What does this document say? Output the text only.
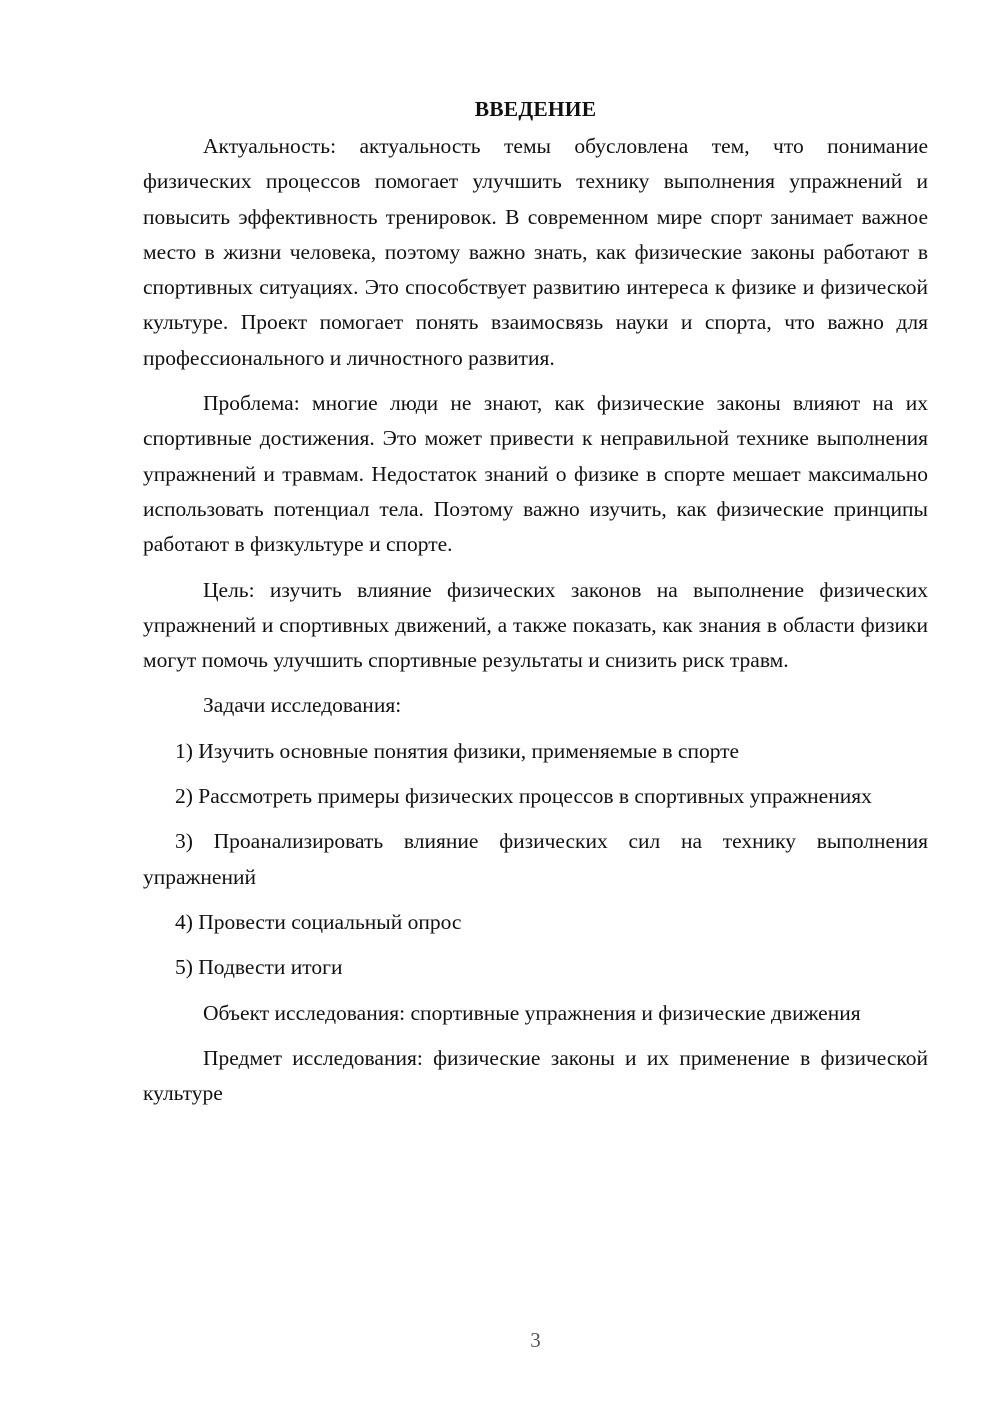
ВВЕДЕНИЕ

Актуальность: актуальность темы обусловлена тем, что понимание физических процессов помогает улучшить технику выполнения упражнений и повысить эффективность тренировок. В современном мире спорт занимает важное место в жизни человека, поэтому важно знать, как физические законы работают в спортивных ситуациях. Это способствует развитию интереса к физике и физической культуре. Проект помогает понять взаимосвязь науки и спорта, что важно для профессионального и личностного развития.

Проблема: многие люди не знают, как физические законы влияют на их спортивные достижения. Это может привести к неправильной технике выполнения упражнений и травмам. Недостаток знаний о физике в спорте мешает максимально использовать потенциал тела. Поэтому важно изучить, как физические принципы работают в физкультуре и спорте.

Цель: изучить влияние физических законов на выполнение физических упражнений и спортивных движений, а также показать, как знания в области физики могут помочь улучшить спортивные результаты и снизить риск травм.

Задачи исследования:

1) Изучить основные понятия физики, применяемые в спорте

2) Рассмотреть примеры физических процессов в спортивных упражнениях

3) Проанализировать влияние физических сил на технику выполнения упражнений

4) Провести социальный опрос

5) Подвести итоги

Объект исследования: спортивные упражнения и физические движения

Предмет исследования: физические законы и их применение в физической культуре

3
